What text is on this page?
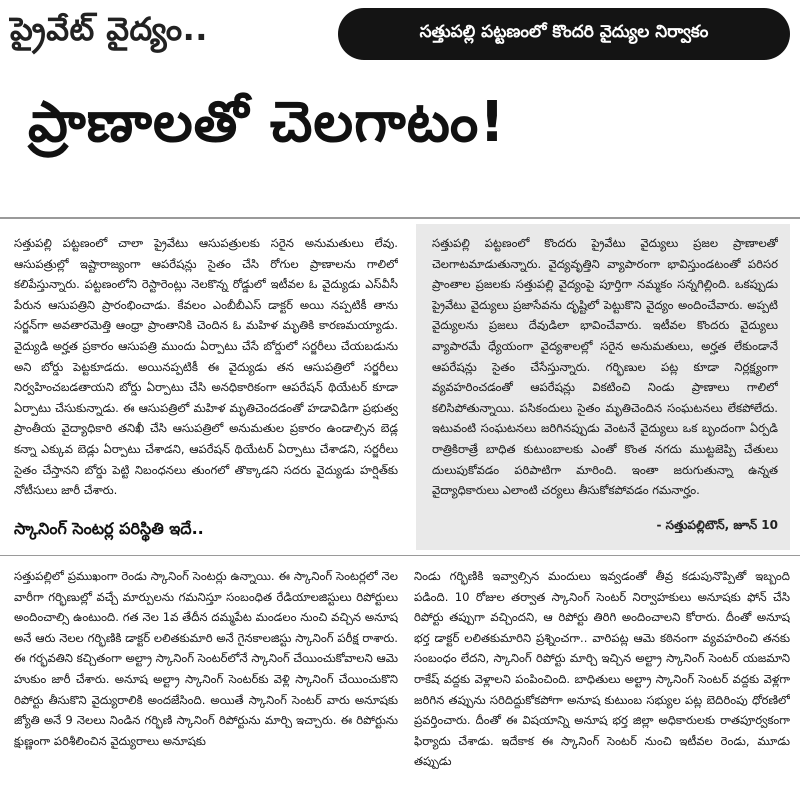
ప్రైవేట్ వైద్యం..	సత్తుపల్లి పట్టణంలో కొందరి వైద్యుల నిర్వాకం
ప్రాణాలతో చెలగాటం!

సత్తుపల్లి పట్టణంలో చాలా ప్రైవేటు ఆసుపత్రులకు సరైన అనుమతులు లేవు. ఆసుపత్రుల్లో ఇష్టారాజ్యంగా ఆపరేషన్లు సైతం చేసి రోగుల ప్రాణాలను గాలిలో కలిపేస్తున్నారు. పట్టణంలోని రెస్టారెంట్లు నెలకొన్న రోడ్డులో ఇటీవల ఓ వైద్యుడు ఎస్‌వీసీ పేరున ఆసుపత్రిని ప్రారంభించాడు. కేవలం ఎంబీబీఎస్ డాక్టర్ అయి నప్పటికీ తాను సర్జన్‌గా అవతారమెత్తి ఆంధ్రా ప్రాంతానికి చెందిన ఓ మహిళ మృతికి కారణమయ్యాడు. వైద్యుడి అర్హత ప్రకారం ఆసుపత్రి ముందు ఏర్పాటు చేసే బోర్డులో సర్జరీలు చేయబడును అని బోర్డు పెట్టకూడదు. అయినప్పటికీ ఈ వైద్యుడు తన ఆసుపత్రిలో సర్జరీలు నిర్వహించబడతాయని బోర్డు ఏర్పాటు చేసి అనధికారికంగా ఆపరేషన్ థియేటర్ కూడా ఏర్పాటు చేసుకున్నాడు. ఈ ఆసుపత్రిలో మహిళ మృతిచెందడంతో హడావిడిగా ప్రభుత్వ ప్రాంతీయ వైద్యాధికారి తనిఖీ చేసి ఆసుపత్రిలో అనుమతుల ప్రకారం ఉండాల్సిన బెడ్ల కన్నా ఎక్కువ బెడ్లు ఏర్పాటు చేశాడని, ఆపరేషన్ థియేటర్ ఏర్పాటు చేశాడని, సర్జరీలు సైతం చేస్తానని బోర్డు పెట్టి నిబంధనలు తుంగలో తొక్కాడని సదరు వైద్యుడు హర్షిత్‌కు నోటీసులు జారీ చేశారు.

సత్తుపల్లి పట్టణంలో కొందరు ప్రైవేటు వైద్యులు ప్రజల ప్రాణాలతో చెలగాటమాడుతున్నారు. వైద్యవృత్తిని వ్యాపారంగా భావిస్తుండటంతో పరిసర ప్రాంతాల ప్రజలకు సత్తుపల్లి వైద్యంపై పూర్తిగా నమ్మకం సన్నగిల్లింది. ఒకప్పుడు ప్రైవేటు వైద్యులు ప్రజాసేవను దృష్టిలో పెట్టుకొని వైద్యం అందించేవారు. అప్పటి వైద్యులను ప్రజలు దేవుడిలా భావించేవారు. ఇటీవల కొందరు వైద్యులు వ్యాపారమే ధ్యేయంగా వైద్యశాలల్లో సరైన అనుమతులు, అర్హత లేకుండానే ఆపరేషన్లు సైతం చేసేస్తున్నారు. గర్భిణుల పట్ల కూడా నిర్లక్ష్యంగా వ్యవహరించడంతో ఆపరేషన్లు వికటించి నిండు ప్రాణాలు గాలిలో కలిసిపోతున్నాయి. పసికందులు సైతం మృతిచెందిన సంఘటనలు లేకపోలేదు. ఇటువంటి సంఘటనలు జరిగినప్పుడు వెంటనే వైద్యులు ఒక బృందంగా ఏర్పడి రాత్రికిరాత్రే బాధిత కుటుంబాలకు ఎంతో కొంత నగదు ముట్టజెప్పి చేతులు దులుపుకోవడం పరిపాటిగా మారింది. ఇంతా జరుగుతున్నా ఉన్నత వైద్యాధికారులు ఎలాంటి చర్యలు తీసుకోకపోవడం గమనార్హం.

- సత్తుపల్లిటౌన్, జూన్ 10
స్కానింగ్ సెంటర్ల పరిస్థితి ఇదే..

సత్తుపల్లిలో ప్రముఖంగా రెండు స్కానింగ్ సెంటర్లు ఉన్నాయి. ఈ స్కానింగ్ సెంటర్లలో నెల వారీగా గర్భిణుల్లో వచ్చే మార్పులను గమనిస్తూ సంబంధిత రేడియాలజిస్టులు రిపోర్టులు అందించాల్సి ఉంటుంది. గత నెల 1వ తేదీన దమ్మపేట మండలం నుంచి వచ్చిన అనూష అనే ఆరు నెలల గర్భిణికి డాక్టర్ లలితకుమారి అనే గైనకాలజిస్టు స్కానింగ్ పరీక్ష రాశారు. ఈ గర్భవతిని కచ్చితంగా అల్ట్రా స్కానింగ్ సెంటర్‌లోనే స్కానింగ్ చేయించుకోవాలని ఆమె హుకుం జారీ చేశారు. అనూష అల్ట్రా స్కానింగ్ సెంటర్‌కు వెళ్లి స్కానింగ్ చేయించుకొని రిపోర్టు తీసుకొని వైద్యురాలికి అందజేసింది. అయితే స్కానింగ్ సెంటర్ వారు అనూషకు జ్యోతి అనే 9 నెలలు నిండిన గర్భిణి స్కానింగ్ రిపోర్టును మార్చి ఇచ్చారు. ఈ రిపోర్టును క్షుణ్ణంగా పరిశీలించిన వైద్యురాలు అనూషకు

నిండు గర్భిణికి ఇవ్వాల్సిన మందులు ఇవ్వడంతో తీవ్ర కడుపునొప్పితో ఇబ్బంది పడింది. 10 రోజుల తర్వాత స్కానింగ్ సెంటర్ నిర్వాహకులు అనూషకు ఫోన్ చేసి రిపోర్టు తప్పుగా వచ్చిందని, ఆ రిపోర్టు తిరిగి అందించాలని కోరారు. దీంతో అనూష భర్త డాక్టర్ లలితకుమారిని ప్రశ్నించగా.. వారిపట్ల ఆమె కఠినంగా వ్యవహరించి తనకు సంబంధం లేదని, స్కానింగ్ రిపోర్టు మార్చి ఇచ్చిన అల్ట్రా స్కానింగ్ సెంటర్ యజమాని రాకేష్ వద్దకు వెళ్లాలని పంపించింది. బాధితులు అల్ట్రా స్కానింగ్ సెంటర్ వద్దకు వెళ్లగా జరిగిన తప్పును సరిదిద్దుకోకపోగా అనూష కుటుంబ సభ్యుల పట్ల బెదిరింపు ధోరణిలో ప్రవర్తించారు. దీంతో ఈ విషయాన్ని అనూష భర్త జిల్లా అధికారులకు రాతపూర్వకంగా ఫిర్యాదు చేశాడు. ఇదేకాక ఈ స్కానింగ్ సెంటర్ నుంచి ఇటీవల రెండు, మూడు తప్పుడు
